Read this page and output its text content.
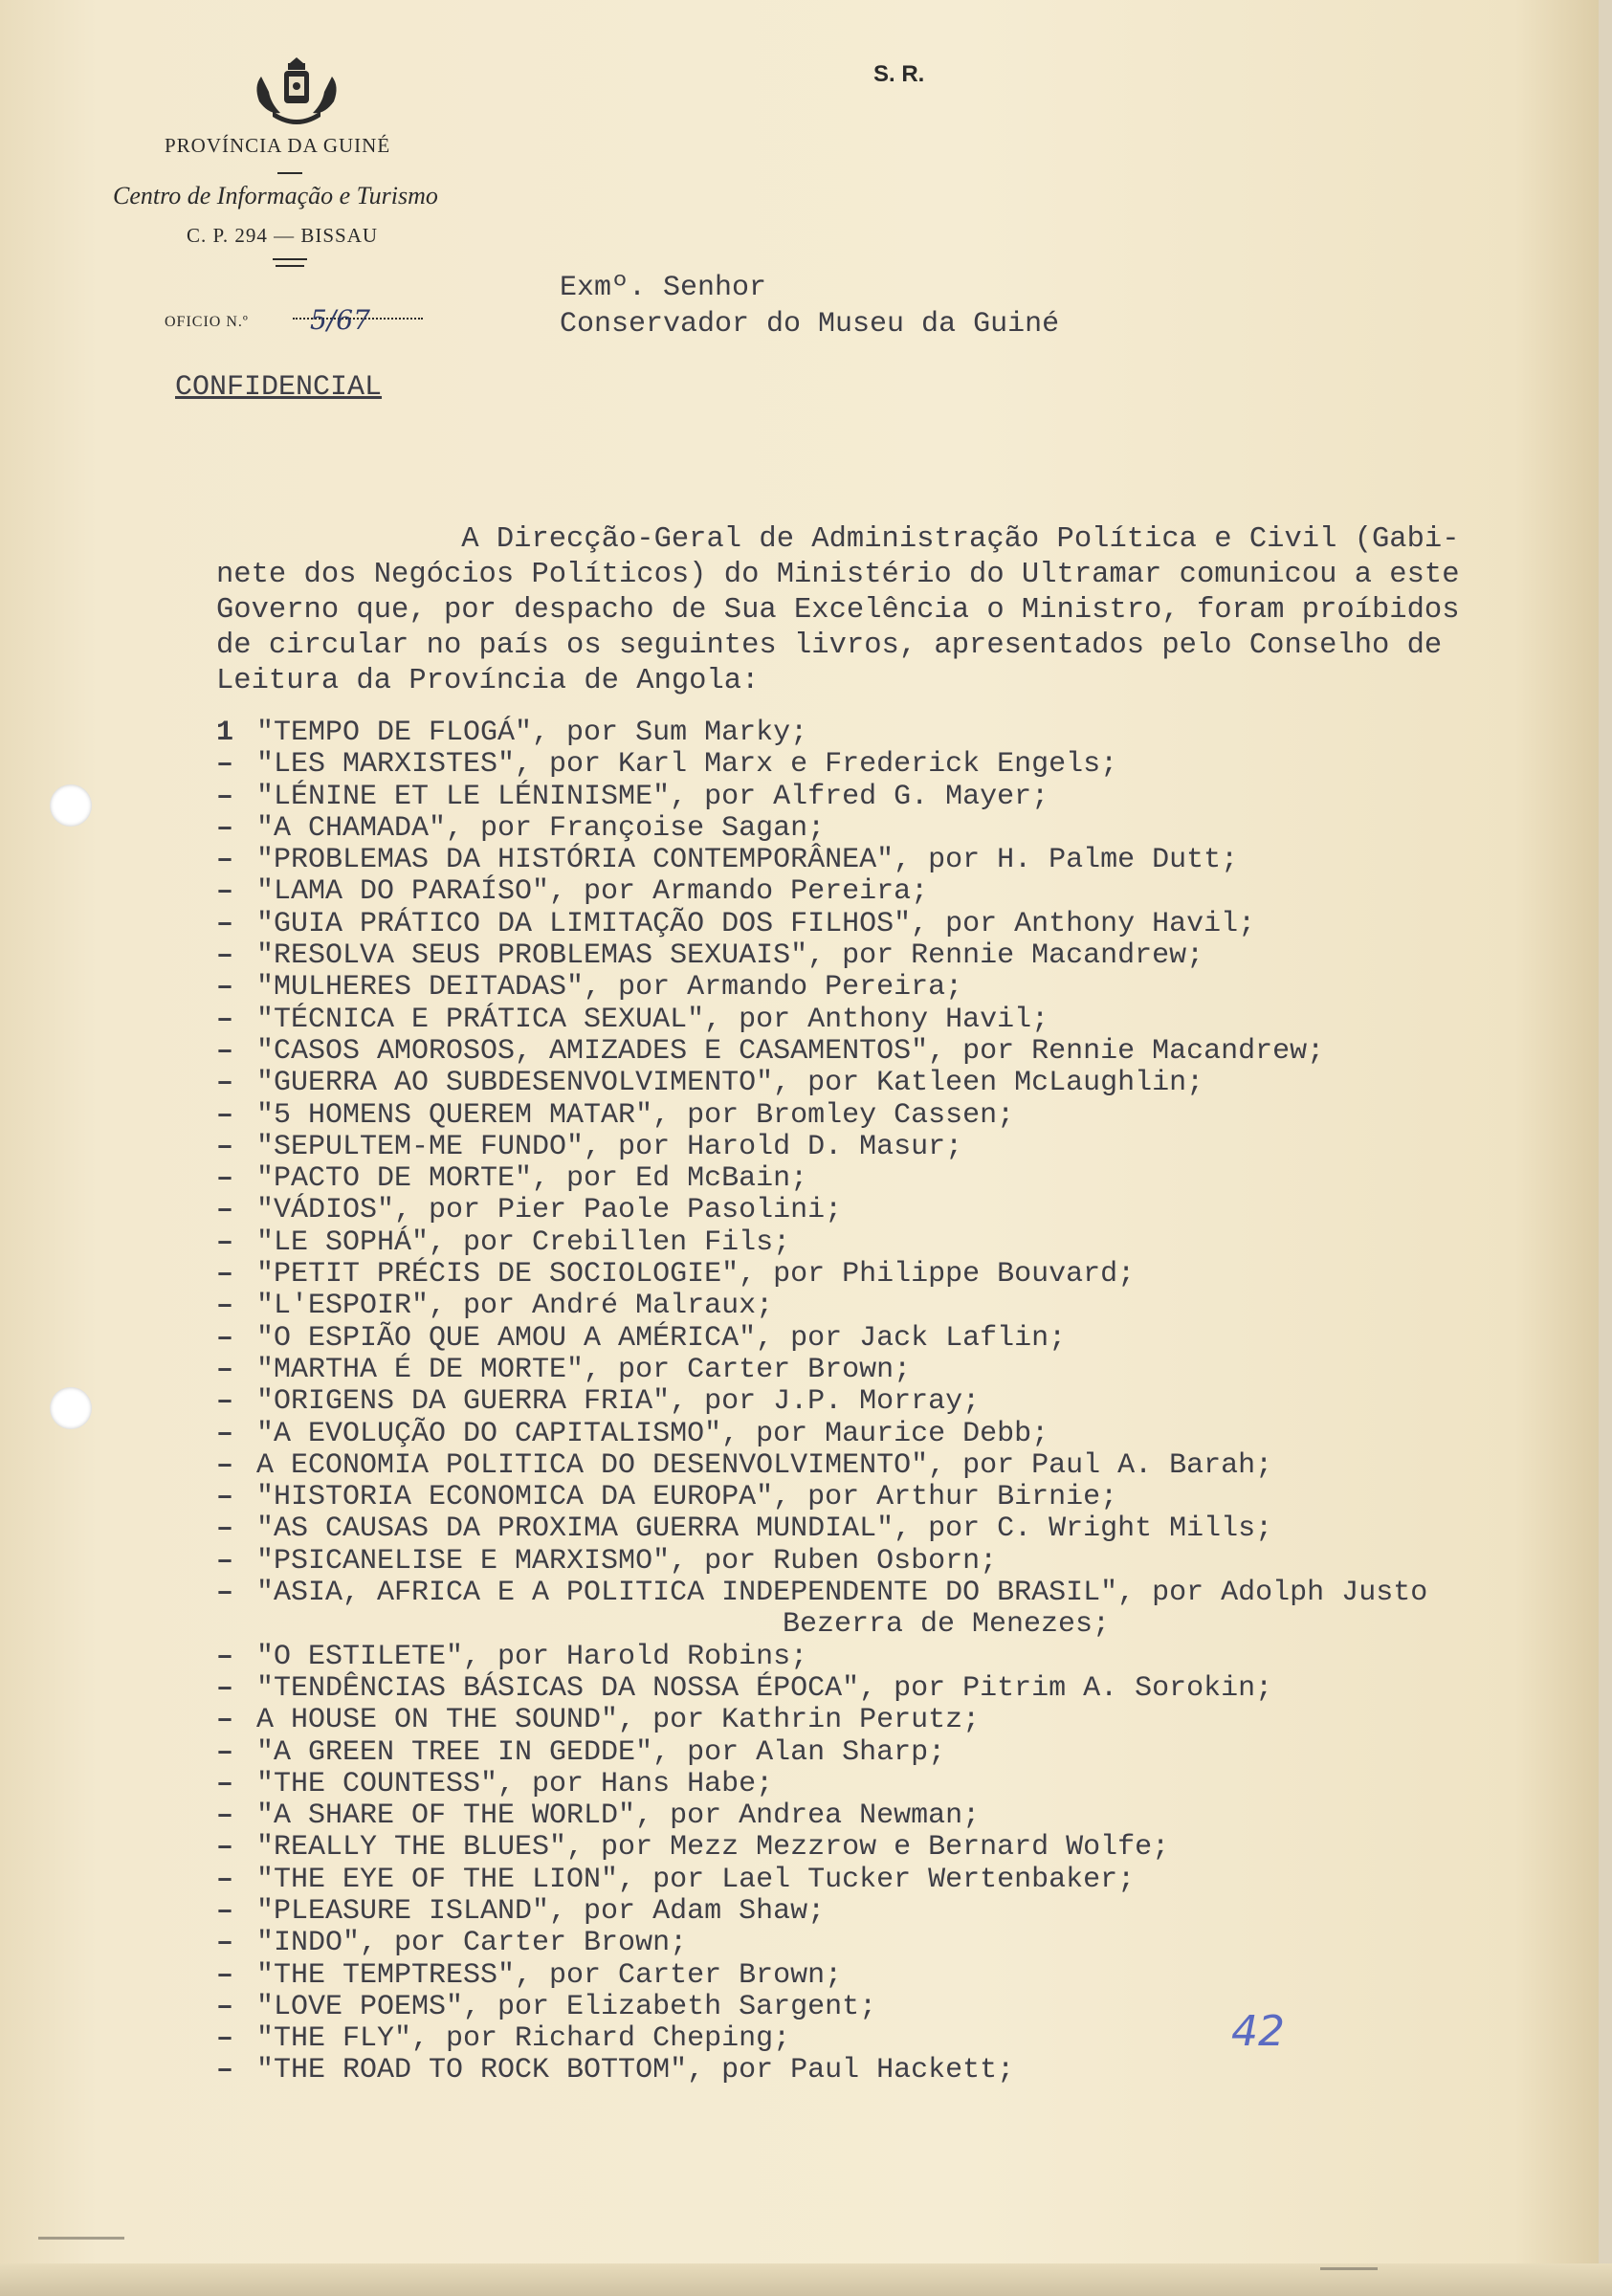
PROVÍNCIA DA GUINÉ
Centro de Informação e Turismo
C. P. 294 — BISSAU
OFICIO N.º 5/67
S. R.
Exmº. Senhor
Conservador do Museu da Guiné
CONFIDENCIAL
A Direcção-Geral de Administração Política e Civil (Gabi-
nete dos Negócios Políticos) do Ministério do Ultramar comunicou a este
Governo que, por despacho de Sua Excelência o Ministro, foram proíbidos
de circular no país os seguintes livros, apresentados pelo Conselho de
Leitura da Província de Angola:
1 "TEMPO DE FLOGÁ", por Sum Marky;
– "LES MARXISTES", por Karl Marx e Frederick Engels;
– "LÉNINE ET LE LÉNINISME", por Alfred G. Mayer;
– "A CHAMADA", por Françoise Sagan;
– "PROBLEMAS DA HISTÓRIA CONTEMPORÂNEA", por H. Palme Dutt;
– "LAMA DO PARAÍSO", por Armando Pereira;
– "GUIA PRÁTICO DA LIMITAÇÃO DOS FILHOS", por Anthony Havil;
– "RESOLVA SEUS PROBLEMAS SEXUAIS", por Rennie Macandrew;
– "MULHERES DEITADAS", por Armando Pereira;
– "TÉCNICA E PRÁTICA SEXUAL", por Anthony Havil;
– "CASOS AMOROSOS, AMIZADES E CASAMENTOS", por Rennie Macandrew;
– "GUERRA AO SUBDESENVOLVIMENTO", por Katleen McLaughlin;
– "5 HOMENS QUEREM MATAR", por Bromley Cassen;
– "SEPULTEM-ME FUNDO", por Harold D. Masur;
– "PACTO DE MORTE", por Ed McBain;
– "VÁDIOS", por Pier Paole Pasolini;
– "LE SOPHÁ", por Crebillen Fils;
– "PETIT PRÉCIS DE SOCIOLOGIE", por Philippe Bouvard;
– "L'ESPOIR", por André Malraux;
– "O ESPIÃO QUE AMOU A AMÉRICA", por Jack Laflin;
– "MARTHA É DE MORTE", por Carter Brown;
– "ORIGENS DA GUERRA FRIA", por J.P. Morray;
– "A EVOLUÇÃO DO CAPITALISMO", por Maurice Debb;
– A ECONOMIA POLITICA DO DESENVOLVIMENTO", por Paul A. Barah;
– "HISTORIA ECONOMICA DA EUROPA", por Arthur Birnie;
– "AS CAUSAS DA PROXIMA GUERRA MUNDIAL", por C. Wright Mills;
– "PSICANELISE E MARXISMO", por Ruben Osborn;
– "ASIA, AFRICA E A POLITICA INDEPENDENTE DO BRASIL", por Adolph Justo
Bezerra de Menezes;
– "O ESTILETE", por Harold Robins;
– "TENDÊNCIAS BÁSICAS DA NOSSA ÉPOCA", por Pitrim A. Sorokin;
– A HOUSE ON THE SOUND", por Kathrin Perutz;
– "A GREEN TREE IN GEDDE", por Alan Sharp;
– "THE COUNTESS", por Hans Habe;
– "A SHARE OF THE WORLD", por Andrea Newman;
– "REALLY THE BLUES", por Mezz Mezzrow e Bernard Wolfe;
– "THE EYE OF THE LION", por Lael Tucker Wertenbaker;
– "PLEASURE ISLAND", por Adam Shaw;
– "INDO", por Carter Brown;
– "THE TEMPTRESS", por Carter Brown;
– "LOVE POEMS", por Elizabeth Sargent;
– "THE FLY", por Richard Cheping;
– "THE ROAD TO ROCK BOTTOM", por Paul Hackett;
42
